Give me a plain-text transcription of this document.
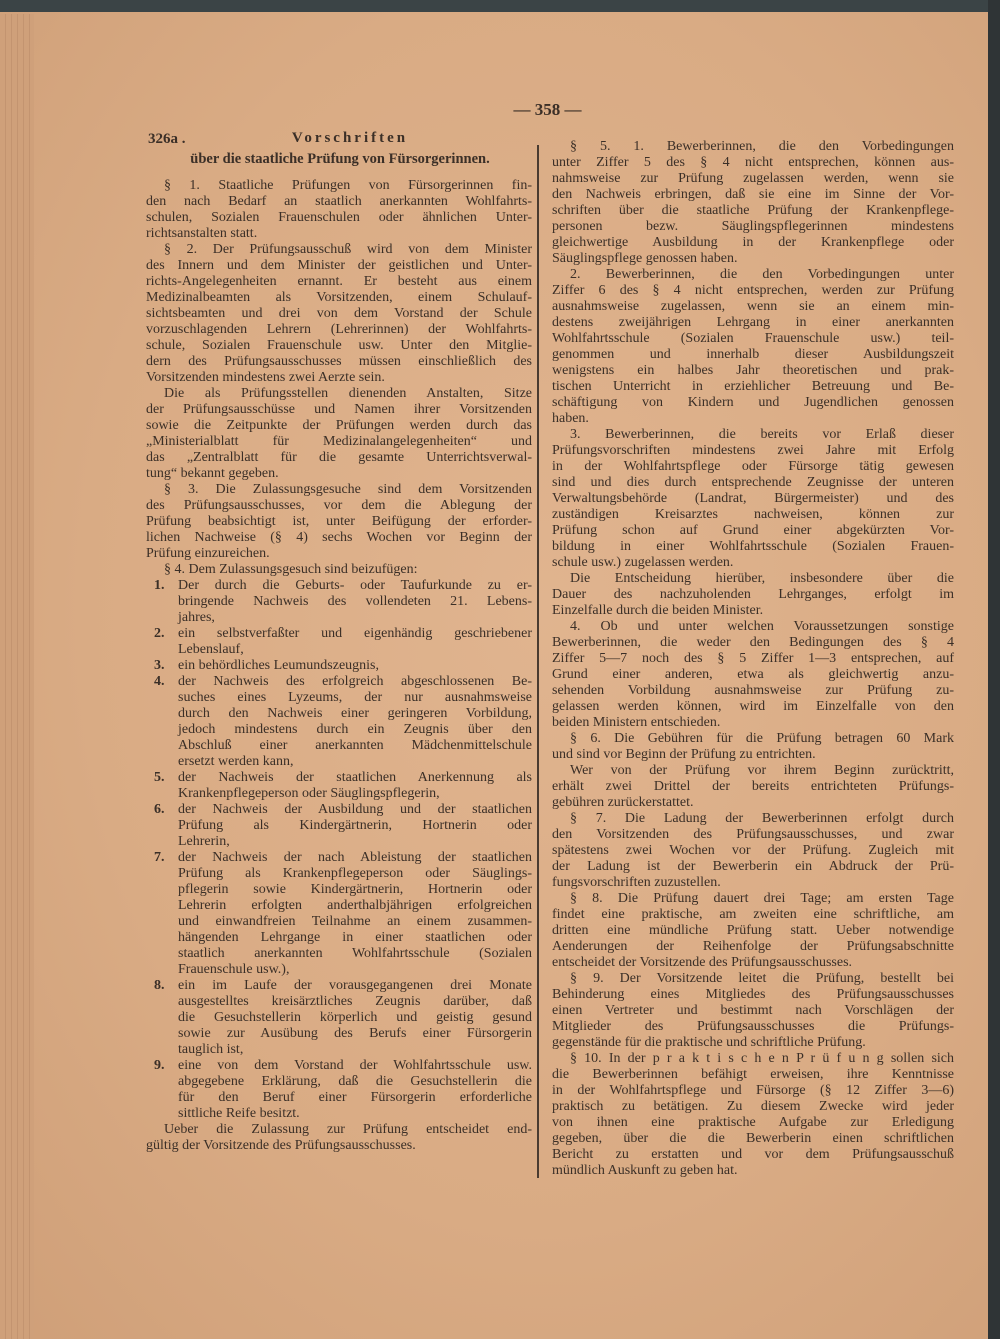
— 358 —
326a .	Vorschriften
über die staatliche Prüfung von Fürsorgerinnen.
§ 1. Staatliche Prüfungen von Fürsorgerinnen fin-
den nach Bedarf an staatlich anerkannten Wohlfahrts-
schulen, Sozialen Frauenschulen oder ähnlichen Unter-
richtsanstalten statt.
§ 2. Der Prüfungsausschuß wird von dem Minister
des Innern und dem Minister der geistlichen und Unter-
richts-Angelegenheiten ernannt. Er besteht aus einem
Medizinalbeamten als Vorsitzenden, einem Schulauf-
sichtsbeamten und drei von dem Vorstand der Schule
vorzuschlagenden Lehrern (Lehrerinnen) der Wohlfahrts-
schule, Sozialen Frauenschule usw. Unter den Mitglie-
dern des Prüfungsausschusses müssen einschließlich des
Vorsitzenden mindestens zwei Aerzte sein.
Die als Prüfungsstellen dienenden Anstalten, Sitze
der Prüfungsausschüsse und Namen ihrer Vorsitzenden
sowie die Zeitpunkte der Prüfungen werden durch das
„Ministerialblatt für Medizinalangelegenheiten“ und
das „Zentralblatt für die gesamte Unterrichtsverwal-
tung“ bekannt gegeben.
§ 3. Die Zulassungsgesuche sind dem Vorsitzenden
des Prüfungsausschusses, vor dem die Ablegung der
Prüfung beabsichtigt ist, unter Beifügung der erforder-
lichen Nachweise (§ 4) sechs Wochen vor Beginn der
Prüfung einzureichen.
§ 4. Dem Zulassungsgesuch sind beizufügen:
1. Der durch die Geburts- oder Taufurkunde zu er-
bringende Nachweis des vollendeten 21. Lebens-
jahres,
2. ein selbstverfaßter und eigenhändig geschriebener
Lebenslauf,
3. ein behördliches Leumundszeugnis,
4. der Nachweis des erfolgreich abgeschlossenen Be-
suches eines Lyzeums, der nur ausnahmsweise
durch den Nachweis einer geringeren Vorbildung,
jedoch mindestens durch ein Zeugnis über den
Abschluß einer anerkannten Mädchenmittelschule
ersetzt werden kann,
5. der Nachweis der staatlichen Anerkennung als
Krankenpflegeperson oder Säuglingspflegerin,
6. der Nachweis der Ausbildung und der staatlichen
Prüfung als Kindergärtnerin, Hortnerin oder
Lehrerin,
7. der Nachweis der nach Ableistung der staatlichen
Prüfung als Krankenpflegeperson oder Säuglings-
pflegerin sowie Kindergärtnerin, Hortnerin oder
Lehrerin erfolgten anderthalbjährigen erfolgreichen
und einwandfreien Teilnahme an einem zusammen-
hängenden Lehrgange in einer staatlichen oder
staatlich anerkannten Wohlfahrtsschule (Sozialen
Frauenschule usw.),
8. ein im Laufe der vorausgegangenen drei Monate
ausgestelltes kreisärztliches Zeugnis darüber, daß
die Gesuchstellerin körperlich und geistig gesund
sowie zur Ausübung des Berufs einer Fürsorgerin
tauglich ist,
9. eine von dem Vorstand der Wohlfahrtsschule usw.
abgegebene Erklärung, daß die Gesuchstellerin die
für den Beruf einer Fürsorgerin erforderliche
sittliche Reife besitzt.
Ueber die Zulassung zur Prüfung entscheidet end-
gültig der Vorsitzende des Prüfungsausschusses.
§ 5. 1. Bewerberinnen, die den Vorbedingungen
unter Ziffer 5 des § 4 nicht entsprechen, können aus-
nahmsweise zur Prüfung zugelassen werden, wenn sie
den Nachweis erbringen, daß sie eine im Sinne der Vor-
schriften über die staatliche Prüfung der Krankenpflege-
personen bezw. Säuglingspflegerinnen mindestens
gleichwertige Ausbildung in der Krankenpflege oder
Säuglingspflege genossen haben.
2. Bewerberinnen, die den Vorbedingungen unter
Ziffer 6 des § 4 nicht entsprechen, werden zur Prüfung
ausnahmsweise zugelassen, wenn sie an einem min-
destens zweijährigen Lehrgang in einer anerkannten
Wohlfahrtsschule (Sozialen Frauenschule usw.) teil-
genommen und innerhalb dieser Ausbildungszeit
wenigstens ein halbes Jahr theoretischen und prak-
tischen Unterricht in erziehlicher Betreuung und Be-
schäftigung von Kindern und Jugendlichen genossen
haben.
3. Bewerberinnen, die bereits vor Erlaß dieser
Prüfungsvorschriften mindestens zwei Jahre mit Erfolg
in der Wohlfahrtspflege oder Fürsorge tätig gewesen
sind und dies durch entsprechende Zeugnisse der unteren
Verwaltungsbehörde (Landrat, Bürgermeister) und des
zuständigen Kreisarztes nachweisen, können zur
Prüfung schon auf Grund einer abgekürzten Vor-
bildung in einer Wohlfahrtsschule (Sozialen Frauen-
schule usw.) zugelassen werden.
Die Entscheidung hierüber, insbesondere über die
Dauer des nachzuholenden Lehrganges, erfolgt im
Einzelfalle durch die beiden Minister.
4. Ob und unter welchen Voraussetzungen sonstige
Bewerberinnen, die weder den Bedingungen des § 4
Ziffer 5—7 noch des § 5 Ziffer 1—3 entsprechen, auf
Grund einer anderen, etwa als gleichwertig anzu-
sehenden Vorbildung ausnahmsweise zur Prüfung zu-
gelassen werden können, wird im Einzelfalle von den
beiden Ministern entschieden.
§ 6. Die Gebühren für die Prüfung betragen 60 Mark
und sind vor Beginn der Prüfung zu entrichten.
Wer von der Prüfung vor ihrem Beginn zurücktritt,
erhält zwei Drittel der bereits entrichteten Prüfungs-
gebühren zurückerstattet.
§ 7. Die Ladung der Bewerberinnen erfolgt durch
den Vorsitzenden des Prüfungsausschusses, und zwar
spätestens zwei Wochen vor der Prüfung. Zugleich mit
der Ladung ist der Bewerberin ein Abdruck der Prü-
fungsvorschriften zuzustellen.
§ 8. Die Prüfung dauert drei Tage; am ersten Tage
findet eine praktische, am zweiten eine schriftliche, am
dritten eine mündliche Prüfung statt. Ueber notwendige
Aenderungen der Reihenfolge der Prüfungsabschnitte
entscheidet der Vorsitzende des Prüfungsausschusses.
§ 9. Der Vorsitzende leitet die Prüfung, bestellt bei
Behinderung eines Mitgliedes des Prüfungsausschusses
einen Vertreter und bestimmt nach Vorschlägen der
Mitglieder des Prüfungsausschusses die Prüfungs-
gegenstände für die praktische und schriftliche Prüfung.
§ 10. In der p r a k t i s c h e n P r ü f u n g sollen sich
die Bewerberinnen befähigt erweisen, ihre Kenntnisse
in der Wohlfahrtspflege und Fürsorge (§ 12 Ziffer 3—6)
praktisch zu betätigen. Zu diesem Zwecke wird jeder
von ihnen eine praktische Aufgabe zur Erledigung
gegeben, über die die Bewerberin einen schriftlichen
Bericht zu erstatten und vor dem Prüfungsausschuß
mündlich Auskunft zu geben hat.
